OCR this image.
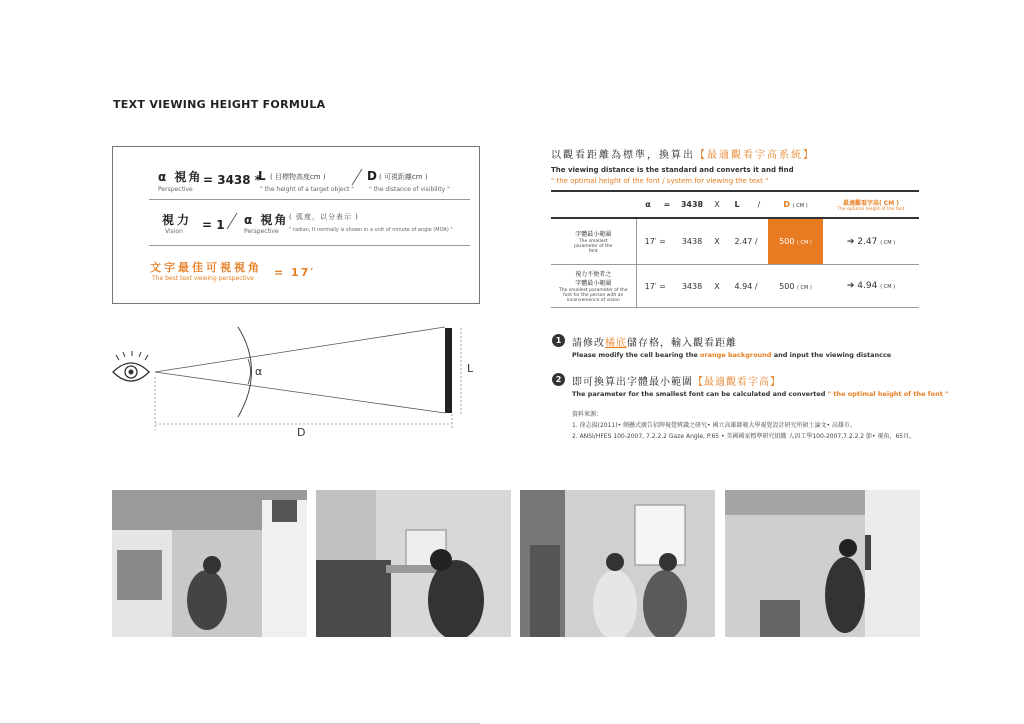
TEXT VIEWING HEIGHT FORMULA
α 視角
Perspective
= 3438 *
L ( 目標物高度cm )
" the height of a target object "
D ( 可視距離cm )
" the distance of visibility "
視力
Vision = 1 α 視角
Perspective
( 弧度，以分表示 )
" radian, It normally is shown in a unit of minute of angle (MOA) "
文字最佳可視視角
The best text viewing perspective = 17′
α	L
D
以觀看距離為標準，換算出【最適觀看字高系統】
The viewing distance is the standard and converts it and find
" the optimal height of the font / system for viewing the text "
	α	=	3438	X	L	/	D ( CM )	最適觀看字高( CM )
The optimal height of the font

字體最小範圍
The smallest parameter of the font	17′ =		3438	X	2.47 /		500 ( CM )	➔ 2.47 ( CM )

視力不便者之字體最小範圍
The smallest parameter of the font for the person with an inconvenience of vision	17′ =		3438	X	4.94 /		500 ( CM )	➔ 4.94 ( CM )
1	請修改橘底儲存格，輸入觀看距離
Please modify the cell bearing the orange background and input the viewing distancce
2	即可換算出字體最小範圍【最適觀看字高】
The parameter for the smallest font can be calculated and converted " the optimal height of the font "
資料來源：
1. 徐志揚(2011)• 側懸式廣告招牌視覺辨識之研究• 國立高雄師範大學視覺設計研究所碩士論文• 高雄市。
2. ANSI/HFES 100-2007, 7.2.2.2 Gaze Angle, P.65 • 美國國家標準研究組織 人因工學100-2007,7.2.2.2 節• 視角，65頁。
